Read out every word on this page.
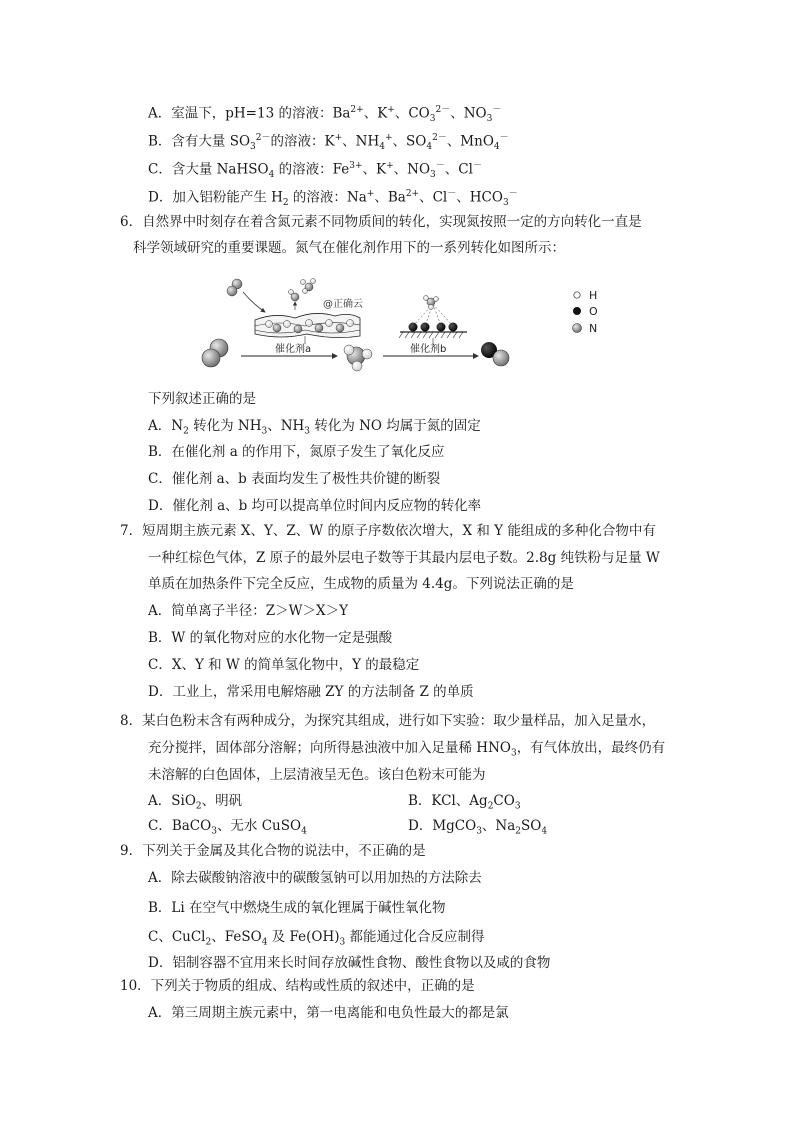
A．室温下，pH=13 的溶液：$Ba^{2+}$、K+、$CO_3^{2-}$、$NO_3^-$
B．含有大量 $SO_3^{2-}$的溶液：K+、$NH_4^+$、$SO_4^{2-}$、MnO$_4$－
C．含大量 NaHSO$_4$ 的溶液：$Fe^{3+}$、K+、$NO_3^-$、Cl－
D．加入铝粉能产生 $H_2$ 的溶液：Na+、$Ba^{2+}$、Cl－、$HCO_3^-$
6．自然界中时刻存在着含氮元素不同物质间的转化，实现氮按照一定的方向转化一直是
科学领域研究的重要课题。氮气在催化剂作用下的一系列转化如图所示：
@正确云
催化剂a	催化剂b
H
O
N
下列叙述正确的是
A．$N_2$ 转化为 $NH_3$、$NH_3$ 转化为 NO 均属于氮的固定
B．在催化剂 a 的作用下，氮原子发生了氧化反应
C．催化剂 a、b 表面均发生了极性共价键的断裂
D．催化剂 a、b 均可以提高单位时间内反应物的转化率
7．短周期主族元素 X、Y、Z、W 的原子序数依次增大，X 和 Y 能组成的多种化合物中有
一种红棕色气体，Z 原子的最外层电子数等于其最内层电子数。2.8g 纯铁粉与足量 W
单质在加热条件下完全反应，生成物的质量为 4.4g。下列说法正确的是
A．简单离子半径：Z＞W＞X＞Y
B．W 的氧化物对应的水化物一定是强酸
C．X、Y 和 W 的简单氢化物中，Y 的最稳定
D．工业上，常采用电解熔融 ZY 的方法制备 Z 的单质
8．某白色粉末含有两种成分，为探究其组成，进行如下实验：取少量样品，加入足量水，
充分搅拌，固体部分溶解；向所得悬浊液中加入足量稀 $HNO_3$，有气体放出，最终仍有
未溶解的白色固体，上层清液呈无色。该白色粉末可能为
A．SiO$_2$、明矾	B．KCl、$Ag_2CO_3$
C．BaCO$_3$、无水 CuSO$_4$	D．MgCO$_3$、$Na_2SO_4$
9．下列关于金属及其化合物的说法中，不正确的是
A．除去碳酸钠溶液中的碳酸氢钠可以用加热的方法除去
B．Li 在空气中燃烧生成的氧化锂属于碱性氧化物
C、CuCl$_2$、FeSO$_4$ 及 $Fe(OH)_3$ 都能通过化合反应制得
D．铝制容器不宜用来长时间存放碱性食物、酸性食物以及咸的食物
10．下列关于物质的组成、结构或性质的叙述中，正确的是
A．第三周期主族元素中，第一电离能和电负性最大的都是氯
